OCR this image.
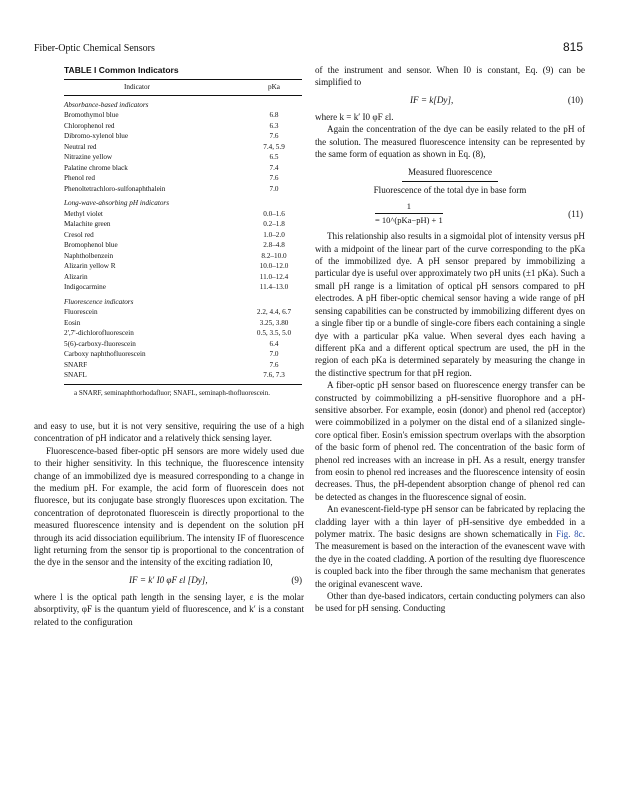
Fiber-Optic Chemical Sensors	815
TABLE I Common Indicators
Indicator	pKa
Absorbance-based indicators	
Bromothymol blue	6.8
Chlorophenol red	6.3
Dibromo-xylenol blue	7.6
Neutral red	7.4, 5.9
Nitrazine yellow	6.5
Palatine chrome black	7.4
Phenol red	7.6
Phenoltetrachloro-sulfonaphthalein	7.0
Long-wave-absorbing pH indicators	
Methyl violet	0.0–1.6
Malachite green	0.2–1.8
Cresol red	1.0–2.0
Bromophenol blue	2.8–4.8
Naphtholbenzein	8.2–10.0
Alizarin yellow R	10.0–12.0
Alizarin	11.0–12.4
Indigocarmine	11.4–13.0
Fluorescence indicators	
Fluorescein	2.2, 4.4, 6.7
Eosin	3.25, 3.80
2',7'-dichlorofluorescein	0.5, 3.5, 5.0
5(6)-carboxy-fluorescein	6.4
Carboxy naphthofluorescein	7.0
SNARF	7.6
SNAFL	7.6, 7.3
a SNARF, seminaphthorhodafluor; SNAFL, seminaph-thofluorescein.

and easy to use, but it is not very sensitive, requiring the use of a high concentration of pH indicator and a relatively thick sensing layer.

Fluorescence-based fiber-optic pH sensors are more widely used due to their higher sensitivity. In this technique, the fluorescence intensity change of an immobilized dye is measured corresponding to a change in the medium pH. For example, the acid form of fluorescein does not fluoresce, but its conjugate base strongly fluoresces upon excitation. The concentration of deprotonated fluorescein is directly proportional to the measured fluorescence intensity and is dependent on the solution pH through its acid dissociation equilibrium. The intensity IF of fluorescence light returning from the sensor tip is proportional to the concentration of the dye in the sensor and the intensity of the exciting radiation I0,

IF = k′ I0 φF εl [Dy],	(9)

where l is the optical path length in the sensing layer, ε is the molar absorptivity, φF is the quantum yield of fluorescence, and k′ is a constant related to the configuration

of the instrument and sensor. When I0 is constant, Eq. (9) can be simplified to

IF = k[Dy],	(10)

where k = k′ I0 φF εl.

Again the concentration of the dye can be easily related to the pH of the solution. The measured fluorescence intensity can be represented by the same form of equation as shown in Eq. (8),

Measured fluorescence
Fluorescence of the total dye in base form
1
= 10^(pKa−pH) + 1
(11)

This relationship also results in a sigmoidal plot of intensity versus pH with a midpoint of the linear part of the curve corresponding to the pKa of the immobilized dye. A pH sensor prepared by immobilizing a particular dye is useful over approximately two pH units (±1 pKa). Such a small pH range is a limitation of optical pH sensors compared to pH electrodes. A pH fiber-optic chemical sensor having a wide range of pH sensing capabilities can be constructed by immobilizing different dyes on a single fiber tip or a bundle of single-core fibers each containing a single dye with a particular pKa value. When several dyes each having a different pKa and a different optical spectrum are used, the pH in the region of each pKa is determined separately by measuring the change in the distinctive spectrum for that pH region.

A fiber-optic pH sensor based on fluorescence energy transfer can be constructed by coimmobilizing a pH-sensitive fluorophore and a pH-sensitive absorber. For example, eosin (donor) and phenol red (acceptor) were coimmobilized in a polymer on the distal end of a silanized single-core optical fiber. Eosin's emission spectrum overlaps with the absorption of the basic form of phenol red. The concentration of the basic form of phenol red increases with an increase in pH. As a result, energy transfer from eosin to phenol red increases and the fluorescence intensity of eosin decreases. Thus, the pH-dependent absorption change of phenol red can be detected as changes in the fluorescence signal of eosin.

An evanescent-field-type pH sensor can be fabricated by replacing the cladding layer with a thin layer of pH-sensitive dye embedded in a polymer matrix. The basic designs are shown schematically in Fig. 8c. The measurement is based on the interaction of the evanescent wave with the dye in the coated cladding. A portion of the resulting dye fluorescence is coupled back into the fiber through the same mechanism that generates the original evanescent wave.

Other than dye-based indicators, certain conducting polymers can also be used for pH sensing. Conducting
